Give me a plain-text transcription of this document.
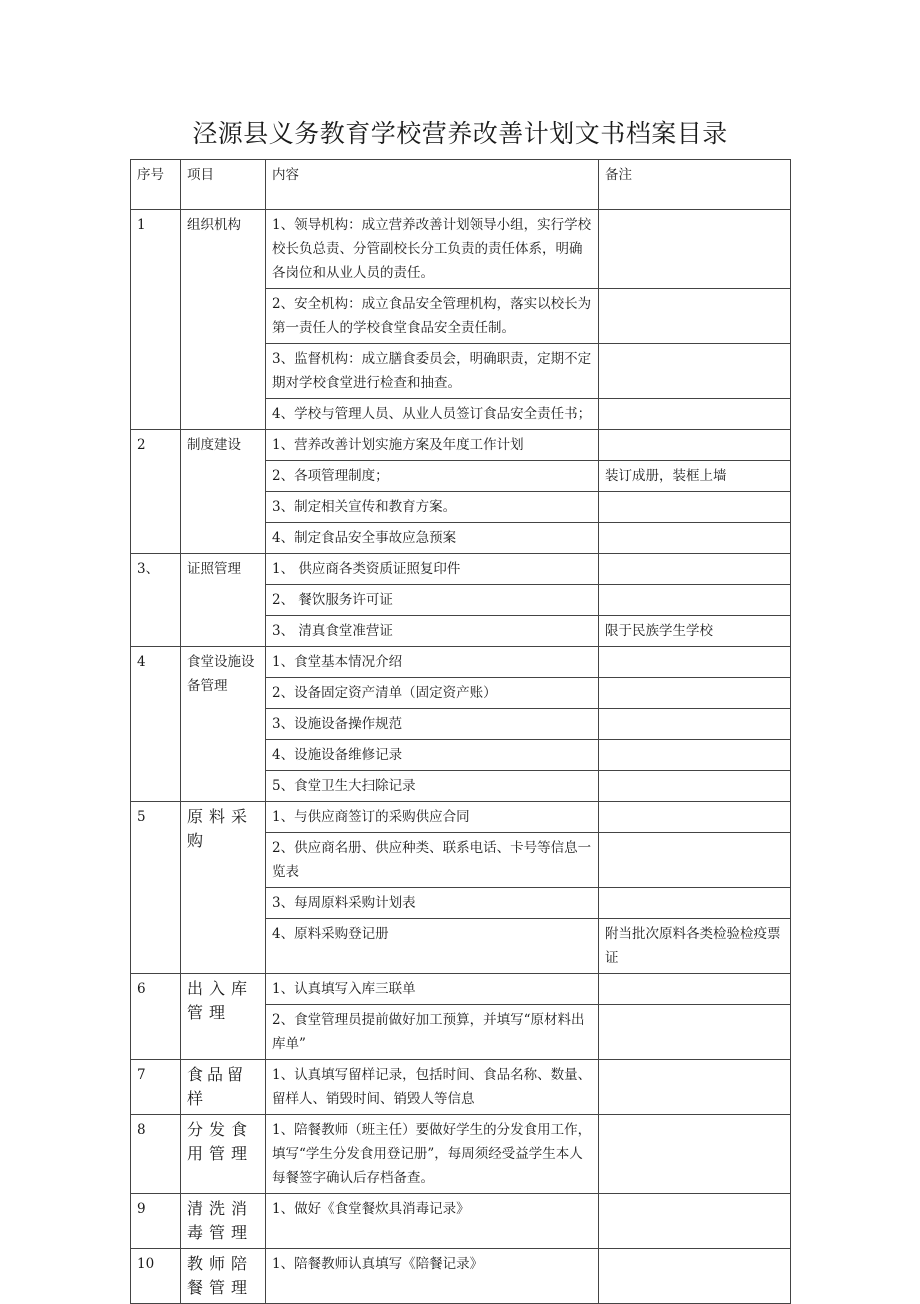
泾源县义务教育学校营养改善计划文书档案目录
序号	项目	内容	备注
1	组织机构	1、领导机构：成立营养改善计划领导小组，实行学校校长负总责、分管副校长分工负责的责任体系，明确各岗位和从业人员的责任。	
		2、安全机构：成立食品安全管理机构，落实以校长为第一责任人的学校食堂食品安全责任制。	
		3、监督机构：成立膳食委员会，明确职责，定期不定期对学校食堂进行检查和抽查。	
		4、学校与管理人员、从业人员签订食品安全责任书；	
2	制度建设	1、营养改善计划实施方案及年度工作计划	
		2、各项管理制度；	装订成册，装框上墙
		3、制定相关宣传和教育方案。	
		4、制定食品安全事故应急预案	
3、	证照管理	1、 供应商各类资质证照复印件	
		2、 餐饮服务许可证	
		3、 清真食堂准营证	限于民族学生学校
4	食堂设施设备管理	1、食堂基本情况介绍	
		2、设备固定资产清单（固定资产账）	
		3、设施设备操作规范	
		4、设施设备维修记录	
		5、食堂卫生大扫除记录	
5	原料采购	1、与供应商签订的采购供应合同	
		2、供应商名册、供应种类、联系电话、卡号等信息一览表	
		3、每周原料采购计划表	
		4、原料采购登记册	附当批次原料各类检验检疫票证
6	出入库管理	1、认真填写入库三联单	
		2、食堂管理员提前做好加工预算，并填写“原材料出库单”	
7	食品留样	1、认真填写留样记录，包括时间、食品名称、数量、留样人、销毁时间、销毁人等信息	
8	分发食用管理	1、陪餐教师（班主任）要做好学生的分发食用工作，填写“学生分发食用登记册”，每周须经受益学生本人每餐签字确认后存档备查。	
9	清洗消毒管理	1、做好《食堂餐炊具消毒记录》	
10	教师陪餐管理	1、陪餐教师认真填写《陪餐记录》	
